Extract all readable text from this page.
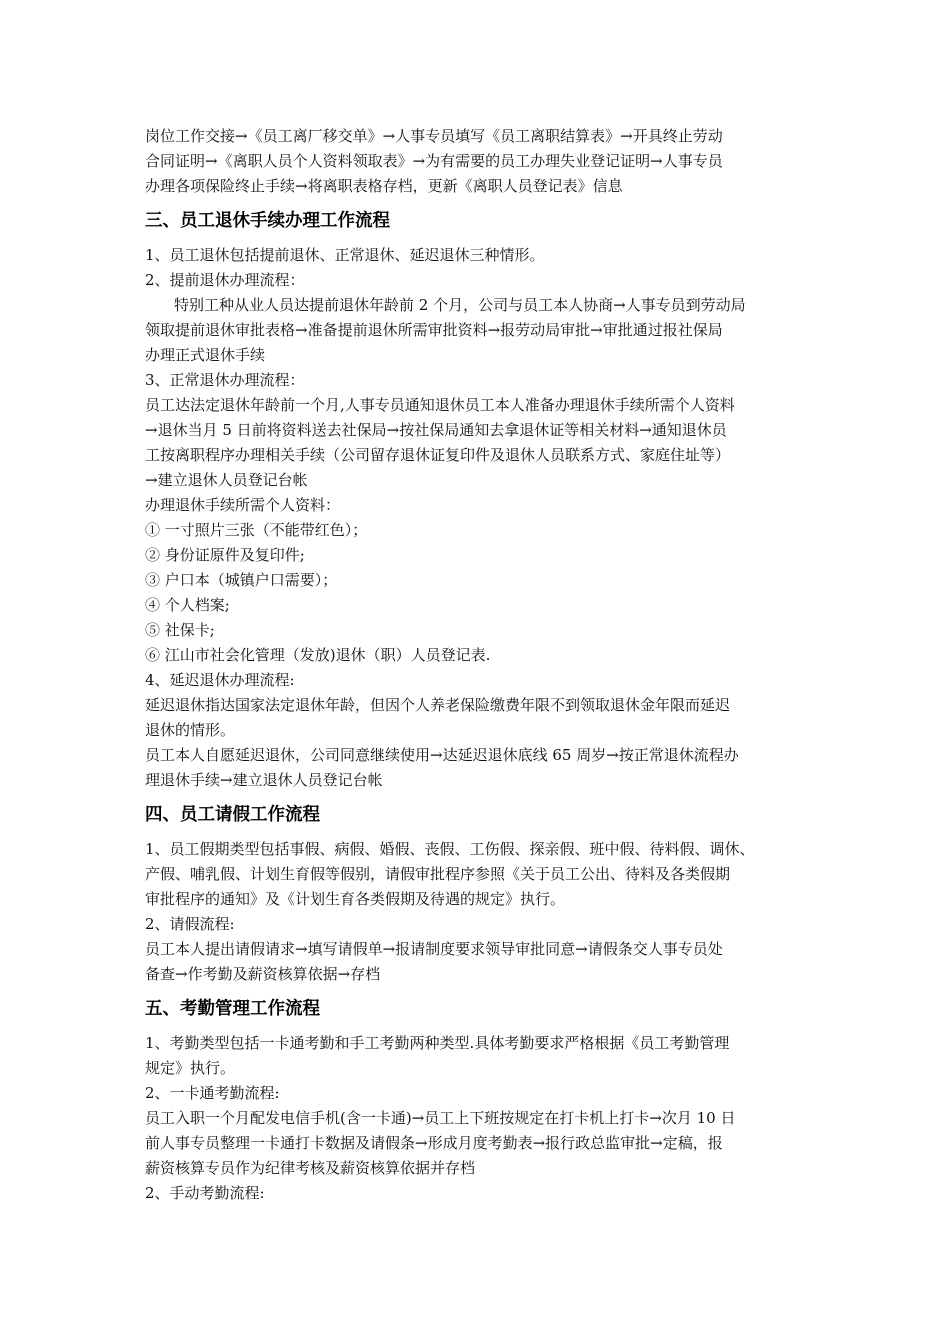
岗位工作交接→《员工离厂移交单》→人事专员填写《员工离职结算表》→开具终止劳动
合同证明→《离职人员个人资料领取表》→为有需要的员工办理失业登记证明→人事专员
办理各项保险终止手续→将离职表格存档，更新《离职人员登记表》信息
三、员工退休手续办理工作流程
1、员工退休包括提前退休、正常退休、延迟退休三种情形。
2、提前退休办理流程：
特别工种从业人员达提前退休年龄前 2 个月，公司与员工本人协商→人事专员到劳动局
领取提前退休审批表格→准备提前退休所需审批资料→报劳动局审批→审批通过报社保局
办理正式退休手续
3、正常退休办理流程：
员工达法定退休年龄前一个月,人事专员通知退休员工本人准备办理退休手续所需个人资料
→退休当月 5 日前将资料送去社保局→按社保局通知去拿退休证等相关材料→通知退休员
工按离职程序办理相关手续（公司留存退休证复印件及退休人员联系方式、家庭住址等）
→建立退休人员登记台帐
办理退休手续所需个人资料：
① 一寸照片三张（不能带红色）；
② 身份证原件及复印件;
③ 户口本（城镇户口需要）；
④ 个人档案;
⑤ 社保卡;
⑥ 江山市社会化管理（发放)退休（职）人员登记表.
4、延迟退休办理流程:
延迟退休指达国家法定退休年龄，但因个人养老保险缴费年限不到领取退休金年限而延迟
退休的情形。
员工本人自愿延迟退休，公司同意继续使用→达延迟退休底线 65 周岁→按正常退休流程办
理退休手续→建立退休人员登记台帐
四、员工请假工作流程
1、员工假期类型包括事假、病假、婚假、丧假、工伤假、探亲假、班中假、待料假、调休、
产假、哺乳假、计划生育假等假别，请假审批程序参照《关于员工公出、待料及各类假期
审批程序的通知》及《计划生育各类假期及待遇的规定》执行。
2、请假流程:
员工本人提出请假请求→填写请假单→报请制度要求领导审批同意→请假条交人事专员处
备查→作考勤及薪资核算依据→存档
五、考勤管理工作流程
1、考勤类型包括一卡通考勤和手工考勤两种类型.具体考勤要求严格根据《员工考勤管理
规定》执行。
2、一卡通考勤流程:
员工入职一个月配发电信手机(含一卡通)→员工上下班按规定在打卡机上打卡→次月 10 日
前人事专员整理一卡通打卡数据及请假条→形成月度考勤表→报行政总监审批→定稿，报
薪资核算专员作为纪律考核及薪资核算依据并存档
2、手动考勤流程:
